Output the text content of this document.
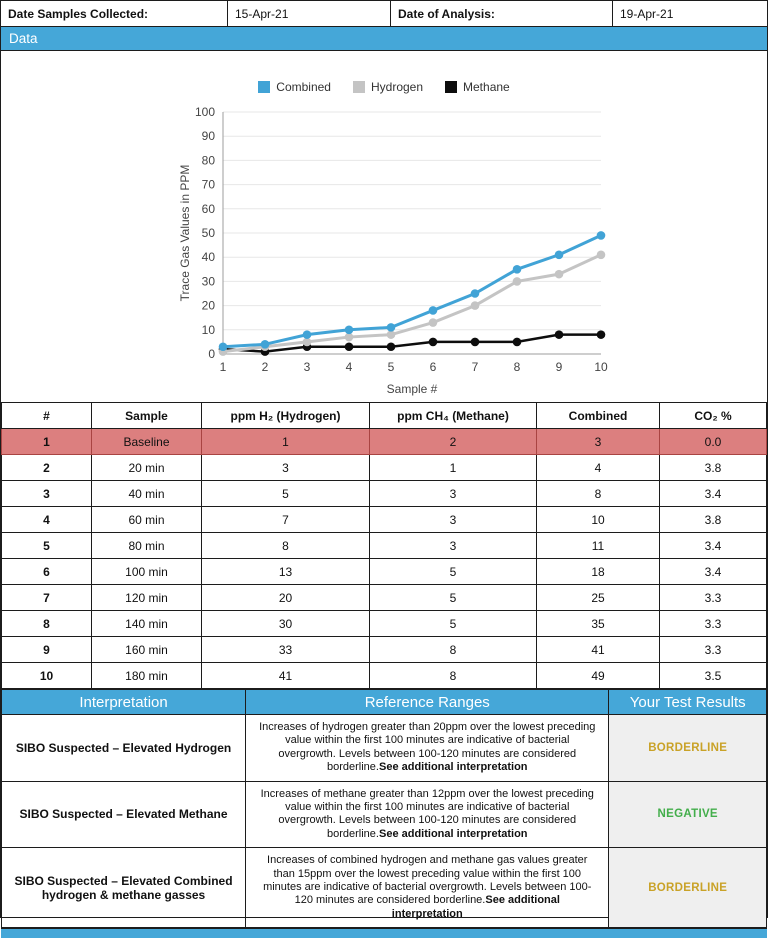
Date Samples Collected:	15-Apr-21	Date of Analysis:	19-Apr-21
Data
Combined	Hydrogen	Methane
0
10
20
30
40
50
60
70
80
90
100
1	2	3	4	5	6	7	8	9	10
Sample #
Trace Gas Values in PPM
#	Sample	ppm H₂ (Hydrogen)	ppm CH₄ (Methane)	Combined	CO₂ %
1	Baseline	1	2	3	0.0
2	20 min	3	1	4	3.8
3	40 min	5	3	8	3.4
4	60 min	7	3	10	3.8
5	80 min	8	3	11	3.4
6	100 min	13	5	18	3.4
7	120 min	20	5	25	3.3
8	140 min	30	5	35	3.3
9	160 min	33	8	41	3.3
10	180 min	41	8	49	3.5
Interpretation	Reference Ranges	Your Test Results
SIBO Suspected – Elevated Hydrogen	Increases of hydrogen greater than 20ppm over the lowest preceding value within the first 100 minutes are indicative of bacterial overgrowth. Levels between 100-120 minutes are considered borderline.See additional interpretation	BORDERLINE
SIBO Suspected – Elevated Methane	Increases of methane greater than 12ppm over the lowest preceding value within the first 100 minutes are indicative of bacterial overgrowth. Levels between 100-120 minutes are considered borderline.See additional interpretation	NEGATIVE
SIBO Suspected – Elevated Combined hydrogen & methane gasses	Increases of combined hydrogen and methane gas values greater than 15ppm over the lowest preceding value within the first 100 minutes are indicative of bacterial overgrowth. Levels between 100-120 minutes are considered borderline.See additional interpretation	BORDERLINE
